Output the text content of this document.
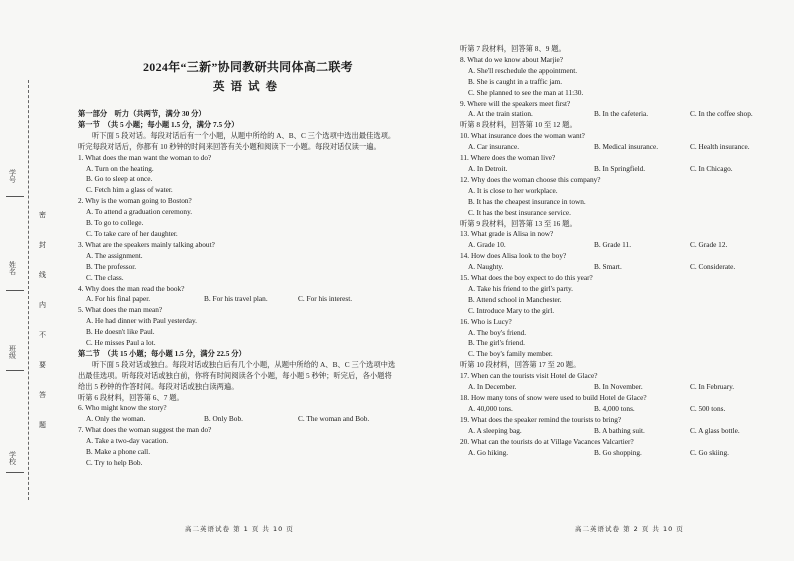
学号
姓名
班级
学校
密
封
线
内
不
要
答
题
2024年“三新”协同教研共同体高二联考
英语试卷
第一部分　听力（共两节，满分 30 分）
第一节　（共 5 小题；每小题 1.5 分，满分 7.5 分）
听下面 5 段对话。每段对话后有一个小题，从题中所给的 A、B、C 三个选项中选出最佳选项。听完每段对话后，你都有 10 秒钟的时间来回答有关小题和阅读下一小题。每段对话仅读一遍。
1. What does the man want the woman to do?
A. Turn on the heating.
B. Go to sleep at once.
C. Fetch him a glass of water.
2. Why is the woman going to Boston?
A. To attend a graduation ceremony.
B. To go to college.
C. To take care of her daughter.
3. What are the speakers mainly talking about?
A. The assignment.
B. The professor.
C. The class.
4. Why does the man read the book?
A. For his final paper.	B. For his travel plan.	C. For his interest.
5. What does the man mean?
A. He had dinner with Paul yesterday.
B. He doesn't like Paul.
C. He misses Paul a lot.
第二节　（共 15 小题；每小题 1.5 分，满分 22.5 分）
听下面 5 段对话或独白。每段对话或独白后有几个小题，从题中所给的 A、B、C 三个选项中选出最佳选项。听每段对话或独白前，你将有时间阅读各个小题，每小题 5 秒钟；听完后，各小题将给出 5 秒钟的作答时间。每段对话或独白读两遍。
听第 6 段材料，回答第 6、7 题。
6. Who might know the story?
A. Only the woman.	B. Only Bob.	C. The woman and Bob.
7. What does the woman suggest the man do?
A. Take a two-day vacation.
B. Make a phone call.
C. Try to help Bob.
听第 7 段材料，回答第 8、9 题。
8. What do we know about Marjie?
A. She'll reschedule the appointment.
B. She is caught in a traffic jam.
C. She planned to see the man at 11:30.
9. Where will the speakers meet first?
A. At the train station.	B. In the cafeteria.	C. In the coffee shop.
听第 8 段材料，回答第 10 至 12 题。
10. What insurance does the woman want?
A. Car insurance.	B. Medical insurance.	C. Health insurance.
11. Where does the woman live?
A. In Detroit.	B. In Springfield.	C. In Chicago.
12. Why does the woman choose this company?
A. It is close to her workplace.
B. It has the cheapest insurance in town.
C. It has the best insurance service.
听第 9 段材料，回答第 13 至 16 题。
13. What grade is Alisa in now?
A. Grade 10.	B. Grade 11.	C. Grade 12.
14. How does Alisa look to the boy?
A. Naughty.	B. Smart.	C. Considerate.
15. What does the boy expect to do this year?
A. Take his friend to the girl's party.
B. Attend school in Manchester.
C. Introduce Mary to the girl.
16. Who is Lucy?
A. The boy's friend.
B. The girl's friend.
C. The boy's family member.
听第 10 段材料，回答第 17 至 20 题。
17. When can the tourists visit Hotel de Glace?
A. In December.	B. In November.	C. In February.
18. How many tons of snow were used to build Hotel de Glace?
A. 40,000 tons.	B. 4,000 tons.	C. 500 tons.
19. What does the speaker remind the tourists to bring?
A. A sleeping bag.	B. A bathing suit.	C. A glass bottle.
20. What can the tourists do at Village Vacances Valcartier?
A. Go hiking.	B. Go shopping.	C. Go skiing.
高二英语试卷 第 1 页 共 10 页	高二英语试卷 第 2 页 共 10 页
